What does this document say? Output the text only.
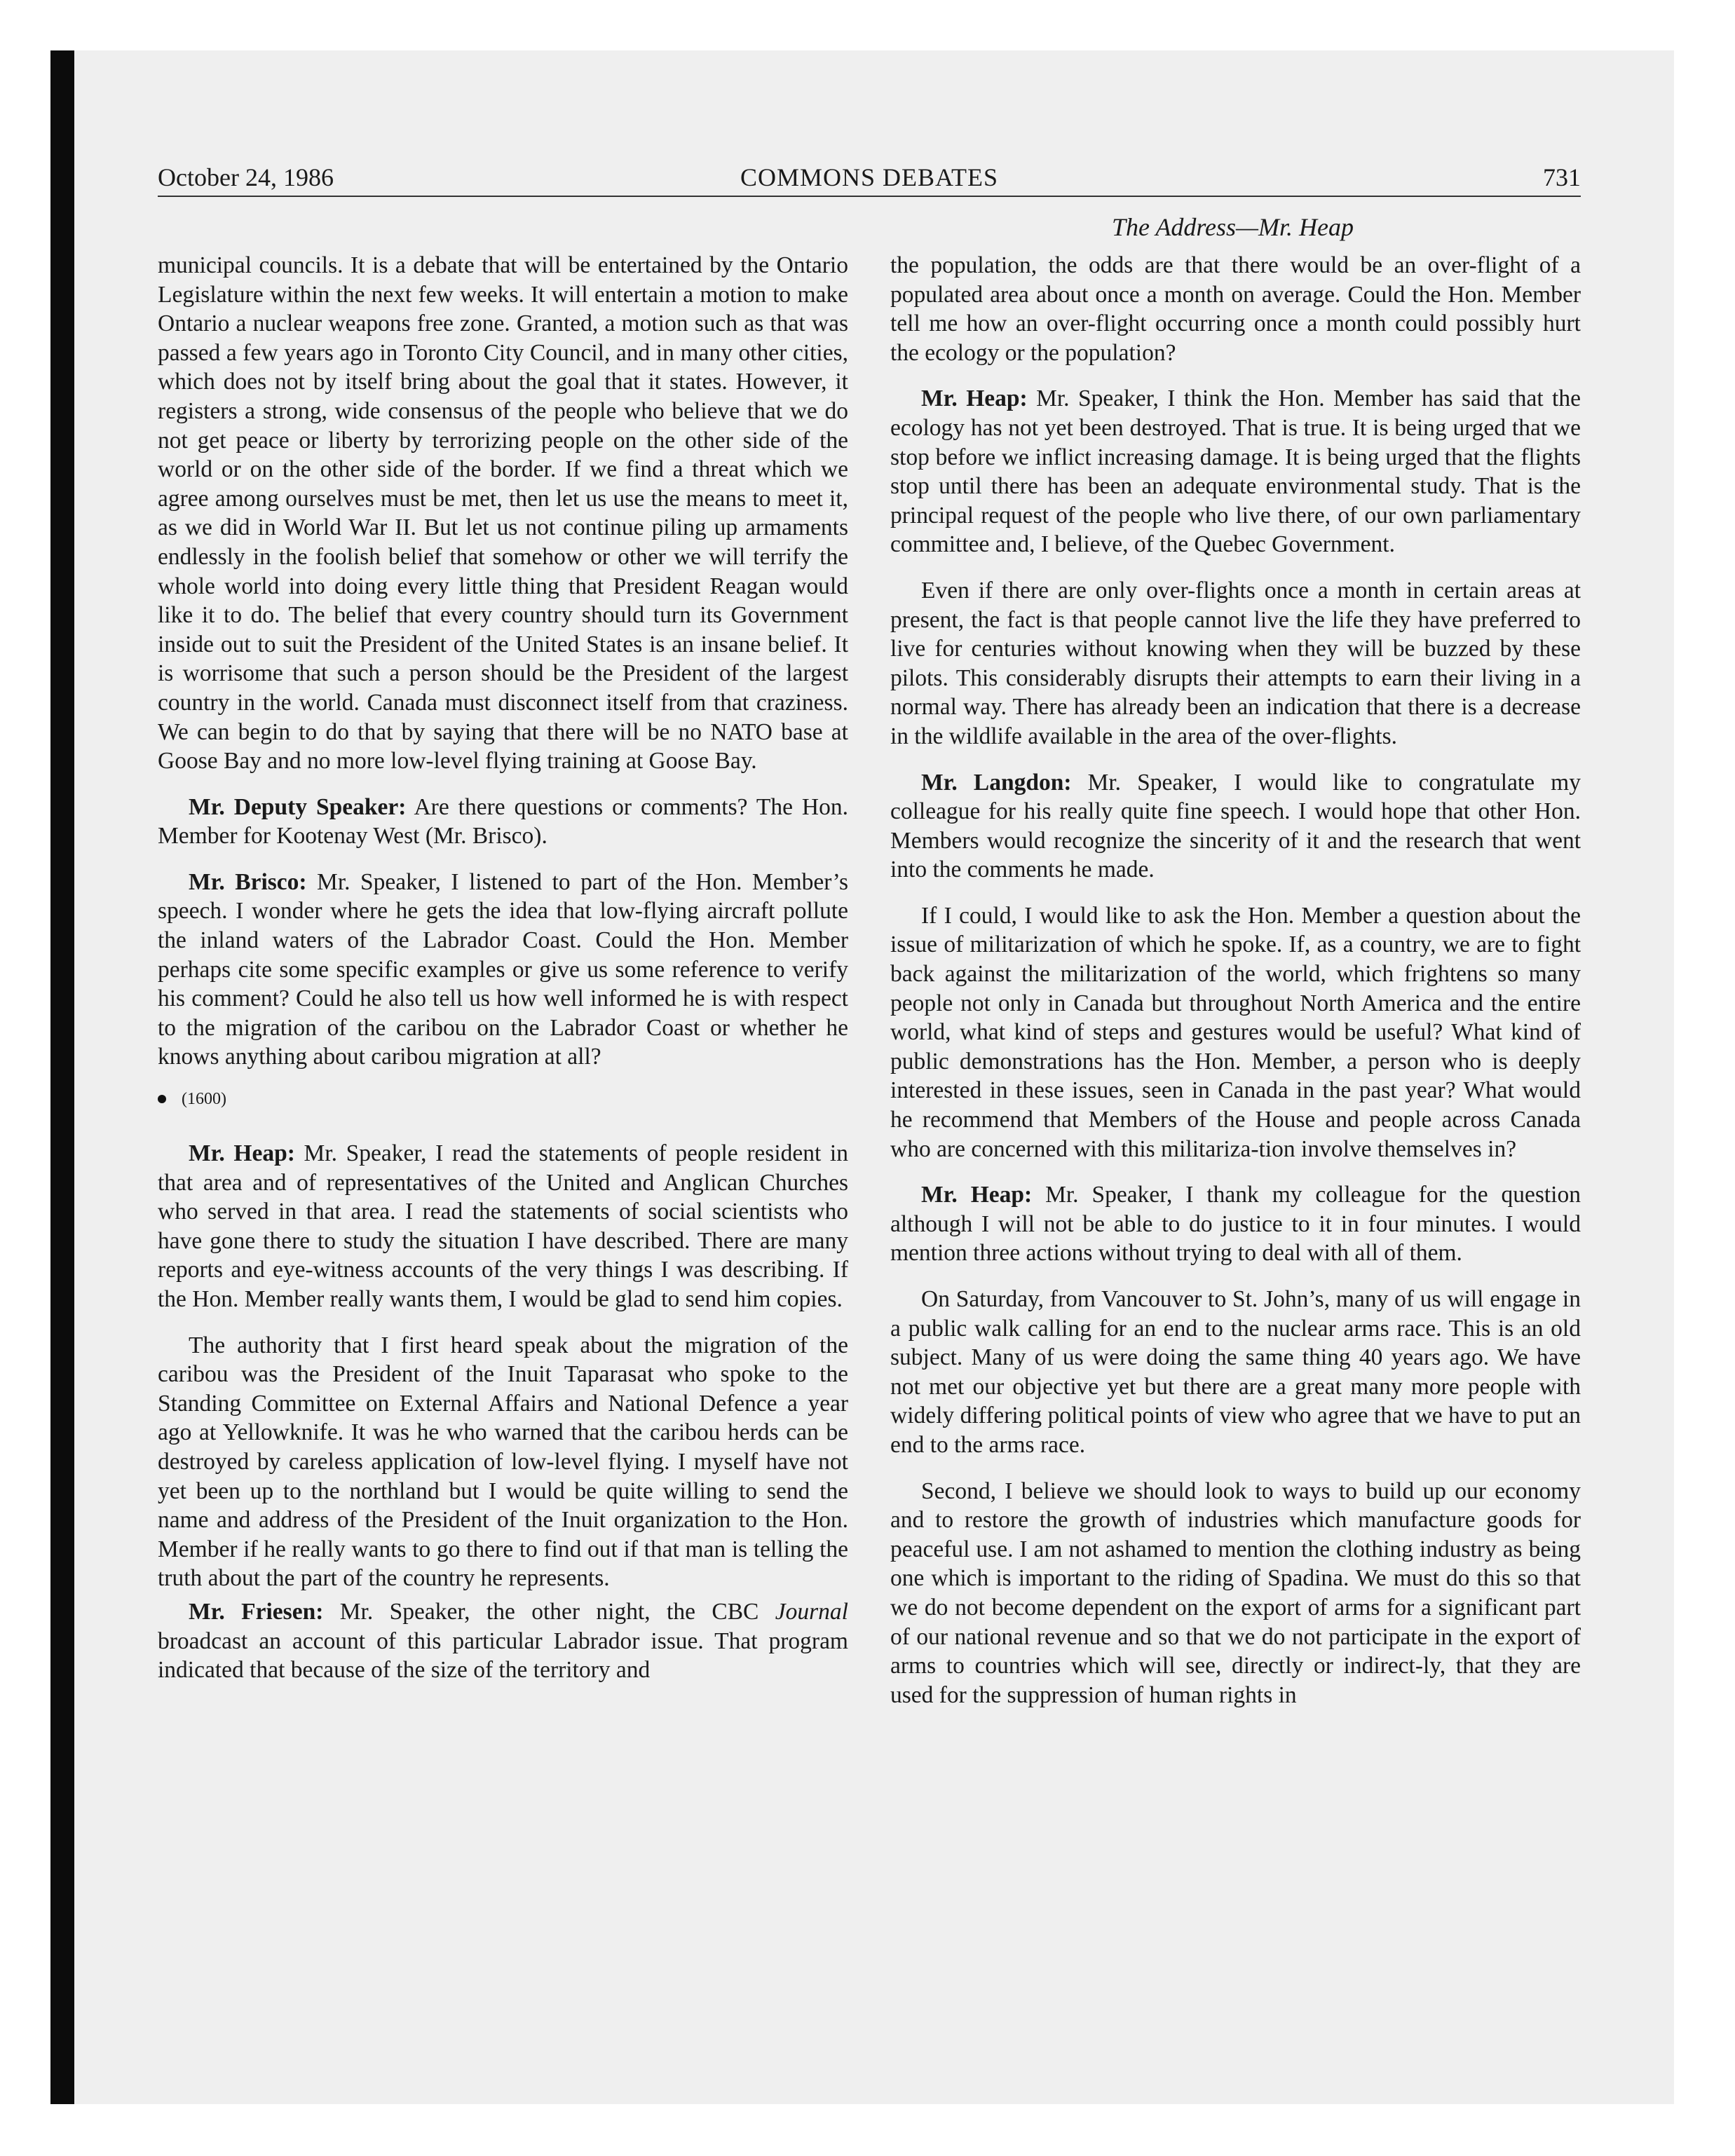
October 24, 1986	COMMONS DEBATES	731
The Address—Mr. Heap

municipal councils. It is a debate that will be entertained by the Ontario Legislature within the next few weeks. It will entertain a motion to make Ontario a nuclear weapons free zone. Granted, a motion such as that was passed a few years ago in Toronto City Council, and in many other cities, which does not by itself bring about the goal that it states. However, it registers a strong, wide consensus of the people who believe that we do not get peace or liberty by terrorizing people on the other side of the world or on the other side of the border. If we find a threat which we agree among ourselves must be met, then let us use the means to meet it, as we did in World War II. But let us not continue piling up armaments endlessly in the foolish belief that somehow or other we will terrify the whole world into doing every little thing that President Reagan would like it to do. The belief that every country should turn its Government inside out to suit the President of the United States is an insane belief. It is worrisome that such a person should be the President of the largest country in the world. Canada must disconnect itself from that craziness. We can begin to do that by saying that there will be no NATO base at Goose Bay and no more low-level flying training at Goose Bay.

Mr. Deputy Speaker: Are there questions or comments? The Hon. Member for Kootenay West (Mr. Brisco).

Mr. Brisco: Mr. Speaker, I listened to part of the Hon. Member’s speech. I wonder where he gets the idea that low-flying aircraft pollute the inland waters of the Labrador Coast. Could the Hon. Member perhaps cite some specific examples or give us some reference to verify his comment? Could he also tell us how well informed he is with respect to the migration of the caribou on the Labrador Coast or whether he knows anything about caribou migration at all?

(1600)

Mr. Heap: Mr. Speaker, I read the statements of people resident in that area and of representatives of the United and Anglican Churches who served in that area. I read the statements of social scientists who have gone there to study the situation I have described. There are many reports and eye-witness accounts of the very things I was describing. If the Hon. Member really wants them, I would be glad to send him copies.

The authority that I first heard speak about the migration of the caribou was the President of the Inuit Taparasat who spoke to the Standing Committee on External Affairs and National Defence a year ago at Yellowknife. It was he who warned that the caribou herds can be destroyed by careless application of low-level flying. I myself have not yet been up to the northland but I would be quite willing to send the name and address of the President of the Inuit organization to the Hon. Member if he really wants to go there to find out if that man is telling the truth about the part of the country he represents.

Mr. Friesen: Mr. Speaker, the other night, the CBC Journal broadcast an account of this particular Labrador issue. That program indicated that because of the size of the territory and

the population, the odds are that there would be an over-flight of a populated area about once a month on average. Could the Hon. Member tell me how an over-flight occurring once a month could possibly hurt the ecology or the population?

Mr. Heap: Mr. Speaker, I think the Hon. Member has said that the ecology has not yet been destroyed. That is true. It is being urged that we stop before we inflict increasing damage. It is being urged that the flights stop until there has been an adequate environmental study. That is the principal request of the people who live there, of our own parliamentary committee and, I believe, of the Quebec Government.

Even if there are only over-flights once a month in certain areas at present, the fact is that people cannot live the life they have preferred to live for centuries without knowing when they will be buzzed by these pilots. This considerably disrupts their attempts to earn their living in a normal way. There has already been an indication that there is a decrease in the wildlife available in the area of the over-flights.

Mr. Langdon: Mr. Speaker, I would like to congratulate my colleague for his really quite fine speech. I would hope that other Hon. Members would recognize the sincerity of it and the research that went into the comments he made.

If I could, I would like to ask the Hon. Member a question about the issue of militarization of which he spoke. If, as a country, we are to fight back against the militarization of the world, which frightens so many people not only in Canada but throughout North America and the entire world, what kind of steps and gestures would be useful? What kind of public demonstrations has the Hon. Member, a person who is deeply interested in these issues, seen in Canada in the past year? What would he recommend that Members of the House and people across Canada who are concerned with this militariza-tion involve themselves in?

Mr. Heap: Mr. Speaker, I thank my colleague for the question although I will not be able to do justice to it in four minutes. I would mention three actions without trying to deal with all of them.

On Saturday, from Vancouver to St. John’s, many of us will engage in a public walk calling for an end to the nuclear arms race. This is an old subject. Many of us were doing the same thing 40 years ago. We have not met our objective yet but there are a great many more people with widely differing political points of view who agree that we have to put an end to the arms race.

Second, I believe we should look to ways to build up our economy and to restore the growth of industries which manufacture goods for peaceful use. I am not ashamed to mention the clothing industry as being one which is important to the riding of Spadina. We must do this so that we do not become dependent on the export of arms for a significant part of our national revenue and so that we do not participate in the export of arms to countries which will see, directly or indirect-ly, that they are used for the suppression of human rights in
